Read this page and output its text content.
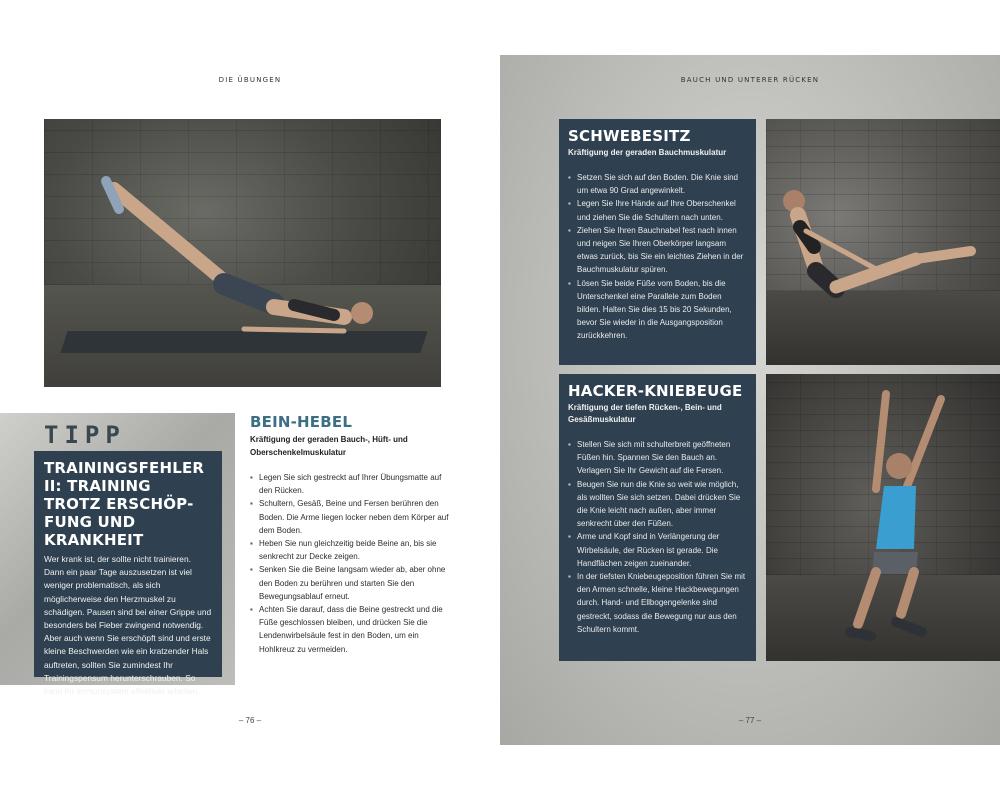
DIE ÜBUNGEN
TIPP
TRAININGSFEHLER II: TRAINING TROTZ ERSCHÖP-FUNG UND KRANKHEIT

Wer krank ist, der sollte nicht trainieren. Dann ein paar Tage auszusetzen ist viel weniger problematisch, als sich möglicherweise den Herzmuskel zu schädigen. Pausen sind bei einer Grippe und besonders bei Fieber zwingend notwendig. Aber auch wenn Sie erschöpft sind und erste kleine Beschwerden wie ein kratzender Hals auftreten, sollten Sie zumindest Ihr Trainingspensum herunterschrauben. So kann Ihr Immunsystem effektiver arbeiten.

BEIN-HEBEL
Kräftigung der geraden Bauch-, Hüft- und Oberschenkelmuskulatur
▪ Legen Sie sich gestreckt auf Ihrer Übungsmatte auf den Rücken.
▪ Schultern, Gesäß, Beine und Fersen berühren den Boden. Die Arme liegen locker neben dem Körper auf dem Boden.
▪ Heben Sie nun gleichzeitig beide Beine an, bis sie senkrecht zur Decke zeigen.
▪ Senken Sie die Beine langsam wieder ab, aber ohne den Boden zu berühren und starten Sie den Bewegungsablauf erneut.
▪ Achten Sie darauf, dass die Beine gestreckt und die Füße geschlossen bleiben, und drücken Sie die Lendenwirbelsäule fest in den Boden, um ein Hohlkreuz zu vermeiden.
– 76 –
BAUCH UND UNTERER RÜCKEN
SCHWEBESITZ
Kräftigung der geraden Bauchmuskulatur
▪ Setzen Sie sich auf den Boden. Die Knie sind um etwa 90 Grad angewinkelt.
▪ Legen Sie Ihre Hände auf Ihre Oberschenkel und ziehen Sie die Schultern nach unten.
▪ Ziehen Sie Ihren Bauchnabel fest nach innen und neigen Sie Ihren Oberkörper langsam etwas zurück, bis Sie ein leichtes Ziehen in der Bauchmuskulatur spüren.
▪ Lösen Sie beide Füße vom Boden, bis die Unterschenkel eine Parallele zum Boden bilden. Halten Sie dies 15 bis 20 Sekunden, bevor Sie wieder in die Ausgangsposition zurückkehren.
HACKER-KNIEBEUGE
Kräftigung der tiefen Rücken-, Bein- und Gesäßmuskulatur
▪ Stellen Sie sich mit schulterbreit geöffneten Füßen hin. Spannen Sie den Bauch an. Verlagern Sie Ihr Gewicht auf die Fersen.
▪ Beugen Sie nun die Knie so weit wie möglich, als wollten Sie sich setzen. Dabei drücken Sie die Knie leicht nach außen, aber immer senkrecht über den Füßen.
▪ Arme und Kopf sind in Verlängerung der Wirbelsäule, der Rücken ist gerade. Die Handflächen zeigen zueinander.
▪ In der tiefsten Kniebeugeposition führen Sie mit den Armen schnelle, kleine Hackbewegungen durch. Hand- und Ellbogengelenke sind gestreckt, sodass die Bewegung nur aus den Schultern kommt.
– 77 –
